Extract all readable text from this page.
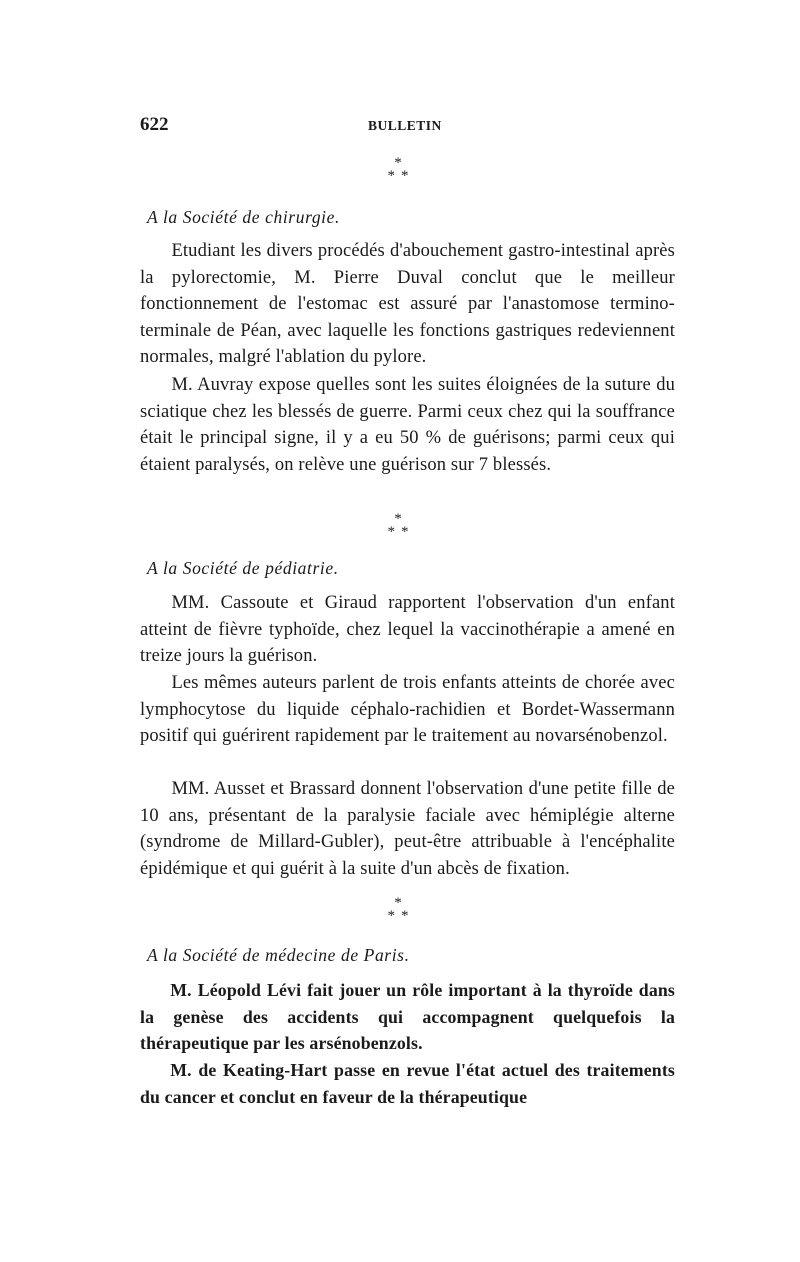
622	BULLETIN
*
**
A la Société de chirurgie.

Etudiant les divers procédés d'abouchement gastro-intestinal après la pylorectomie, M. Pierre Duval conclut que le meilleur fonctionnement de l'estomac est assuré par l'anastomose termino-terminale de Péan, avec laquelle les fonctions gastriques redeviennent normales, malgré l'ablation du pylore.

M. Auvray expose quelles sont les suites éloignées de la suture du sciatique chez les blessés de guerre. Parmi ceux chez qui la souffrance était le principal signe, il y a eu 50 % de guérisons; parmi ceux qui étaient paralysés, on relève une guérison sur 7 blessés.

*
**
A la Société de pédiatrie.

MM. Cassoute et Giraud rapportent l'observation d'un enfant atteint de fièvre typhoïde, chez lequel la vaccinothérapie a amené en treize jours la guérison.

Les mêmes auteurs parlent de trois enfants atteints de chorée avec lymphocytose du liquide céphalo-rachidien et Bordet-Wassermann positif qui guérirent rapidement par le traitement au novarsénobenzol.

MM. Ausset et Brassard donnent l'observation d'une petite fille de 10 ans, présentant de la paralysie faciale avec hémiplégie alterne (syndrome de Millard-Gubler), peut-être attribuable à l'encéphalite épidémique et qui guérit à la suite d'un abcès de fixation.

*
**
A la Société de médecine de Paris.

M. Léopold Lévi fait jouer un rôle important à la thyroïde dans la genèse des accidents qui accompagnent quelquefois la thérapeutique par les arsénobenzols.

M. de Keating-Hart passe en revue l'état actuel des traitements du cancer et conclut en faveur de la thérapeutique
